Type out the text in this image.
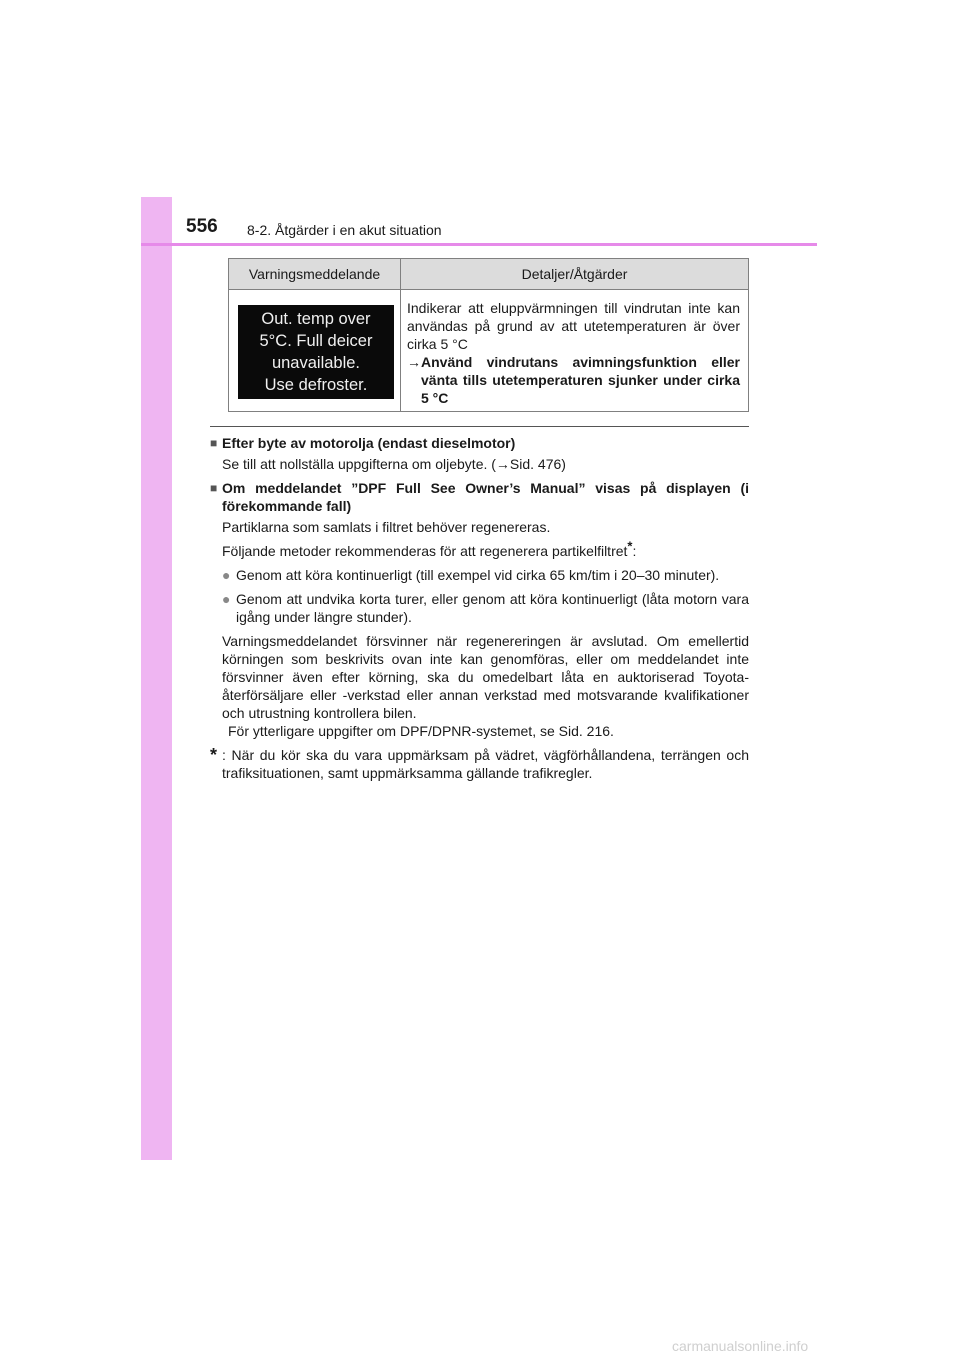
556 8-2. Åtgärder i en akut situation
Varningsmeddelande	Detaljer/Åtgärder
Out. temp over
5°C. Full deicer
unavailable.
Use defroster.
Indikerar att eluppvärmningen till vindrutan inte kan användas på grund av att utetemperaturen är över cirka 5 °C
→ Använd vindrutans avimningsfunktion eller vänta tills utetemperaturen sjunker under cirka 5 °C
■ Efter byte av motorolja (endast dieselmotor)
Se till att nollställa uppgifterna om oljebyte. (→Sid. 476)
■ Om meddelandet ”DPF Full See Owner’s Manual” visas på displayen (i förekommande fall)
Partiklarna som samlats i filtret behöver regenereras.
Följande metoder rekommenderas för att regenerera partikelfiltret*:
● Genom att köra kontinuerligt (till exempel vid cirka 65 km/tim i 20–30 minuter).
● Genom att undvika korta turer, eller genom att köra kontinuerligt (låta motorn vara igång under längre stunder).
Varningsmeddelandet försvinner när regenereringen är avslutad. Om emellertid körningen som beskrivits ovan inte kan genomföras, eller om meddelandet inte försvinner även efter körning, ska du omedelbart låta en auktoriserad Toyota-återförsäljare eller -verkstad eller annan verkstad med motsvarande kvalifikationer och utrustning kontrollera bilen.
För ytterligare uppgifter om DPF/DPNR-systemet, se Sid. 216.
* : När du kör ska du vara uppmärksam på vädret, vägförhållandena, terrängen och trafiksituationen, samt uppmärksamma gällande trafikregler.
carmanualsonline.info
